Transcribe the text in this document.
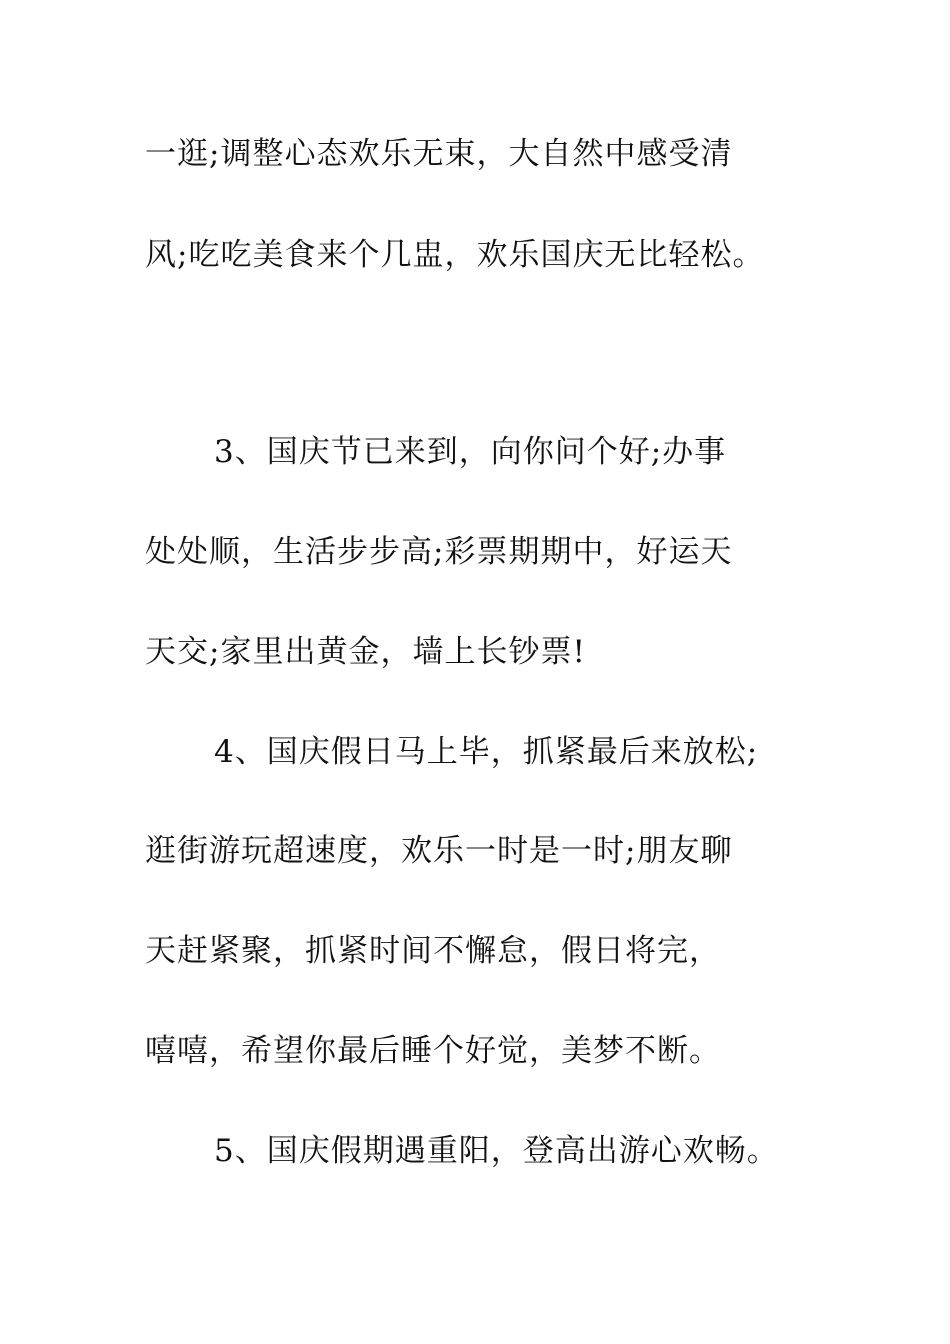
一逛;调整心态欢乐无束，大自然中感受清
风;吃吃美食来个几盅，欢乐国庆无比轻松。
3、国庆节已来到，向你问个好;办事
处处顺，生活步步高;彩票期期中，好运天
天交;家里出黄金，墙上长钞票!
4、国庆假日马上毕，抓紧最后来放松;
逛街游玩超速度，欢乐一时是一时;朋友聊
天赶紧聚，抓紧时间不懈怠，假日将完，
嘻嘻，希望你最后睡个好觉，美梦不断。
5、国庆假期遇重阳，登高出游心欢畅。
